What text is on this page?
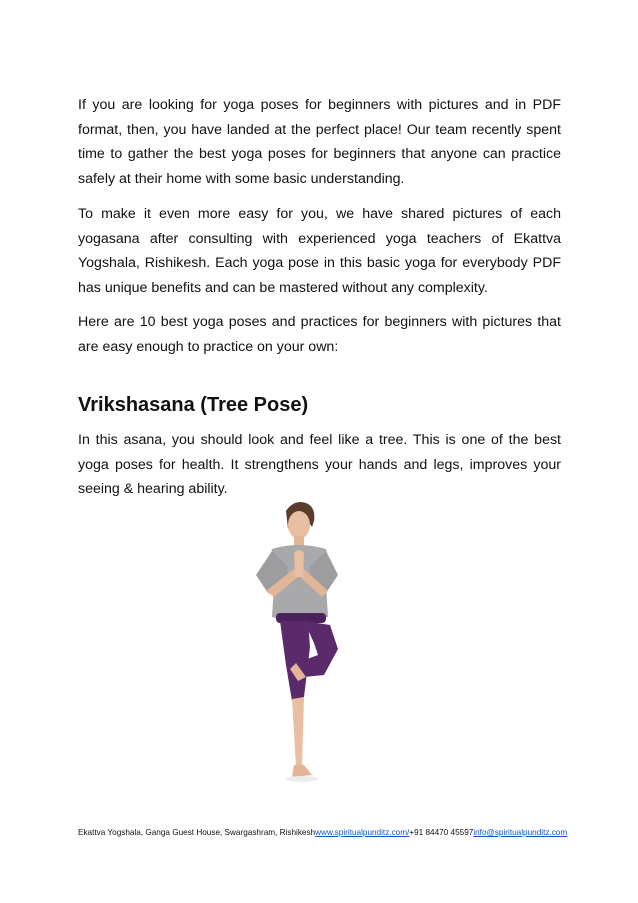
If you are looking for yoga poses for beginners with pictures and in PDF format, then, you have landed at the perfect place! Our team recently spent time to gather the best yoga poses for beginners that anyone can practice safely at their home with some basic understanding.

To make it even more easy for you, we have shared pictures of each yogasana after consulting with experienced yoga teachers of Ekattva Yogshala, Rishikesh. Each yoga pose in this basic yoga for everybody PDF has unique benefits and can be mastered without any complexity.

Here are 10 best yoga poses and practices for beginners with pictures that are easy enough to practice on your own:

Vrikshasana (Tree Pose)

In this asana, you should look and feel like a tree. This is one of the best yoga poses for health. It strengthens your hands and legs, improves your seeing & hearing ability.

Ekattva Yogshala, Ganga Guest House, Swargashram, Rishikesh www.spiritualpunditz.com/ +91 84470 45597 info@spiritualpunditz.com
